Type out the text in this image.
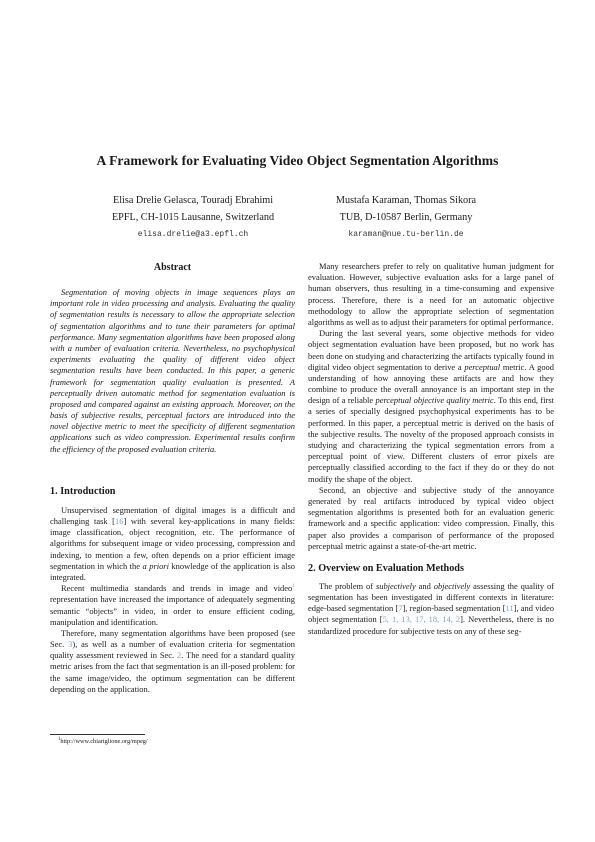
A Framework for Evaluating Video Object Segmentation Algorithms
Elisa Drelie Gelasca, Touradj Ebrahimi
EPFL, CH-1015 Lausanne, Switzerland
elisa.drelie@a3.epfl.ch
Mustafa Karaman, Thomas Sikora
TUB, D-10587 Berlin, Germany
karaman@nue.tu-berlin.de
Abstract

Segmentation of moving objects in image sequences plays an important role in video processing and analysis. Evaluating the quality of segmentation results is necessary to allow the appropriate selection of segmentation algorithms and to tune their parameters for optimal performance. Many segmentation algorithms have been proposed along with a number of evaluation criteria. Nevertheless, no psychophysical experiments evaluating the quality of different video object segmentation results have been conducted. In this paper, a generic framework for segmentation quality evaluation is presented. A perceptually driven automatic method for segmentation evaluation is proposed and compared against an existing approach. Moreover, on the basis of subjective results, perceptual factors are introduced into the novel objective metric to meet the specificity of different segmentation applications such as video compression. Experimental results confirm the efficiency of the proposed evaluation criteria.

1. Introduction

Unsupervised segmentation of digital images is a difficult and challenging task [16] with several key-applications in many fields: image classification, object recognition, etc. The performance of algorithms for subsequent image or video processing, compression and indexing, to mention a few, often depends on a prior efficient image segmentation in which the a priori knowledge of the application is also integrated.

Recent multimedia standards and trends in image and video$^1$ representation have increased the importance of adequately segmenting semantic “objects” in video, in order to ensure efficient coding, manipulation and identification.

Therefore, many segmentation algorithms have been proposed (see Sec. 3), as well as a number of evaluation criteria for segmentation quality assessment reviewed in Sec. 2. The need for a standard quality metric arises from the fact that segmentation is an ill-posed problem: for the same image/video, the optimum segmentation can be different depending on the application.

Many researchers prefer to rely on qualitative human judgment for evaluation. However, subjective evaluation asks for a large panel of human observers, thus resulting in a time-consuming and expensive process. Therefore, there is a need for an automatic objective methodology to allow the appropriate selection of segmentation algorithms as well as to adjust their parameters for optimal performance.

During the last several years, some objective methods for video object segmentation evaluation have been proposed, but no work has been done on studying and characterizing the artifacts typically found in digital video object segmentation to derive a perceptual metric. A good understanding of how annoying these artifacts are and how they combine to produce the overall annoyance is an important step in the design of a reliable perceptual objective quality metric. To this end, first a series of specially designed psychophysical experiments has to be performed. In this paper, a perceptual metric is derived on the basis of the subjective results. The novelty of the proposed approach consists in studying and characterizing the typical segmentation errors from a perceptual point of view. Different clusters of error pixels are perceptually classified according to the fact if they do or they do not modify the shape of the object.

Second, an objective and subjective study of the annoyance generated by real artifacts introduced by typical video object segmentation algorithms is presented both for an evaluation generic framework and a specific application: video compression. Finally, this paper also provides a comparison of performance of the proposed perceptual metric against a state-of-the-art metric.

2. Overview on Evaluation Methods

The problem of subjectively and objectively assessing the quality of segmentation has been investigated in different contexts in literature: edge-based segmentation [7], region-based segmentation [11], and video object segmentation [5, 1, 13, 17, 18, 14, 2]. Nevertheless, there is no standardized procedure for subjective tests on any of these seg-

$^1$http://www.chiariglione.org/mpeg/
